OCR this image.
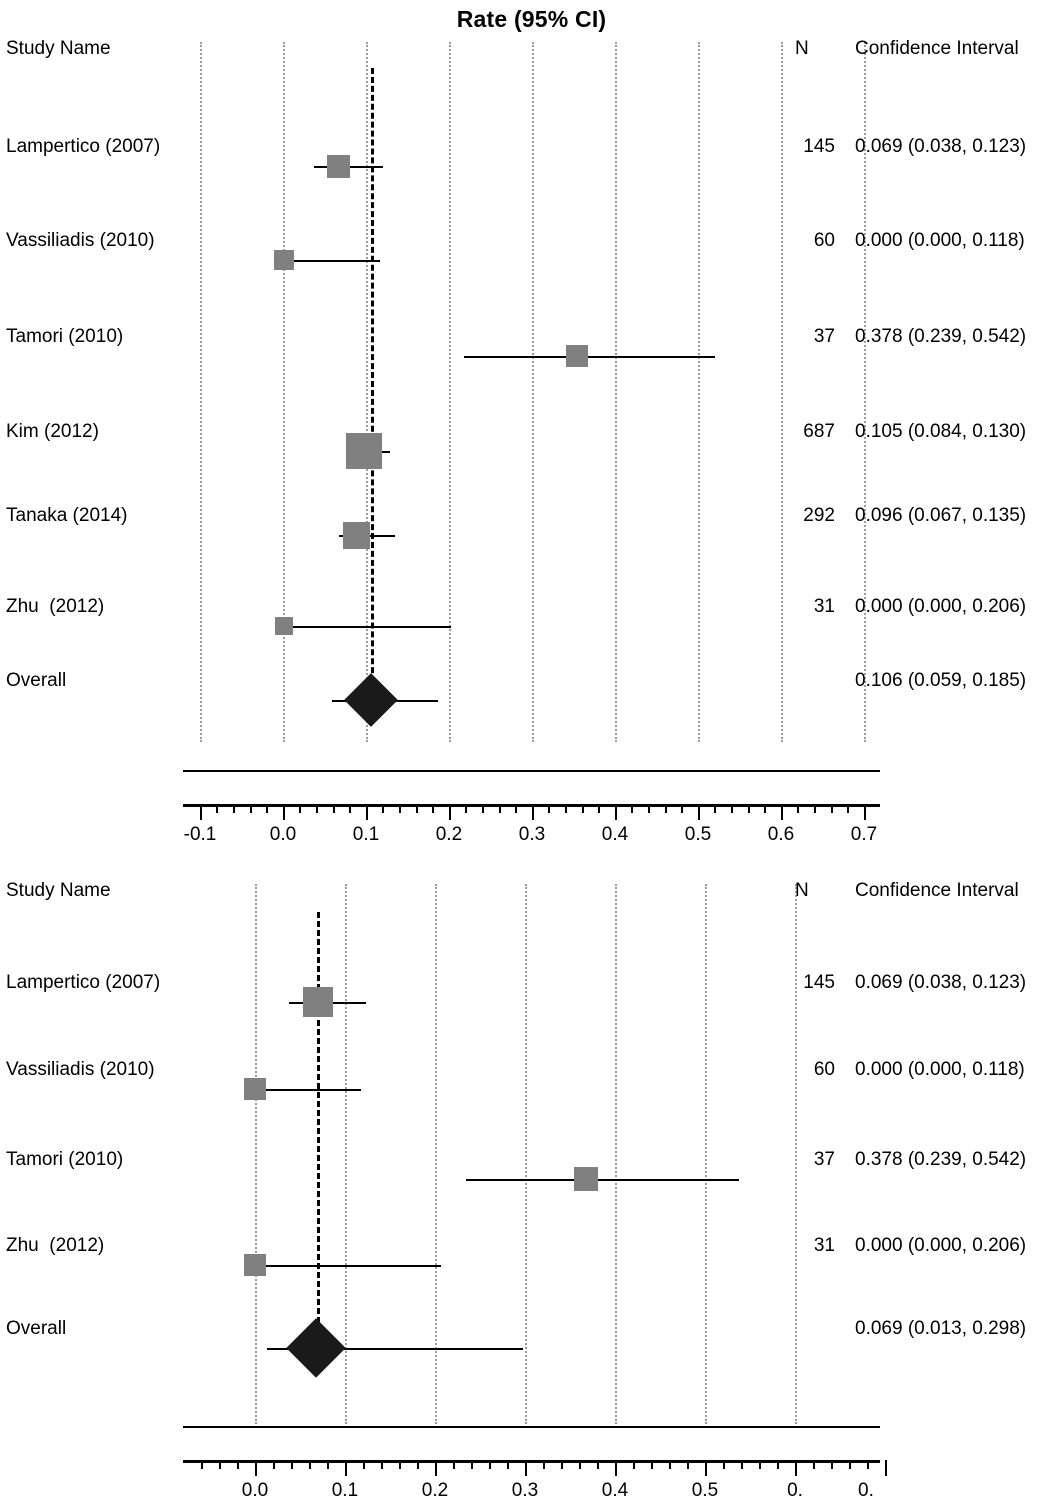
Rate (95% CI)
Study Name	N Confidence Interval
Lampertico (2007)	145 0.069 (0.038, 0.123)
Vassiliadis (2010)	60 0.000 (0.000, 0.118)
Tamori (2010)	37 0.378 (0.239, 0.542)
Kim (2012)	687 0.105 (0.084, 0.130)
Tanaka (2014)	292 0.096 (0.067, 0.135)
Zhu  (2012)	31 0.000 (0.000, 0.206)
Overall	0.106 (0.059, 0.185)
-0.1	0.0	0.1	0.2	0.3	0.4	0.5	0.6	0.7
Study Name	N Confidence Interval
Lampertico (2007)	145 0.069 (0.038, 0.123)
Vassiliadis (2010)	60 0.000 (0.000, 0.118)
Tamori (2010)	37 0.378 (0.239, 0.542)
Zhu  (2012)	31 0.000 (0.000, 0.206)
Overall	0.069 (0.013, 0.298)
0.0	0.1	0.2	0.3	0.4	0.5	0.	0.
